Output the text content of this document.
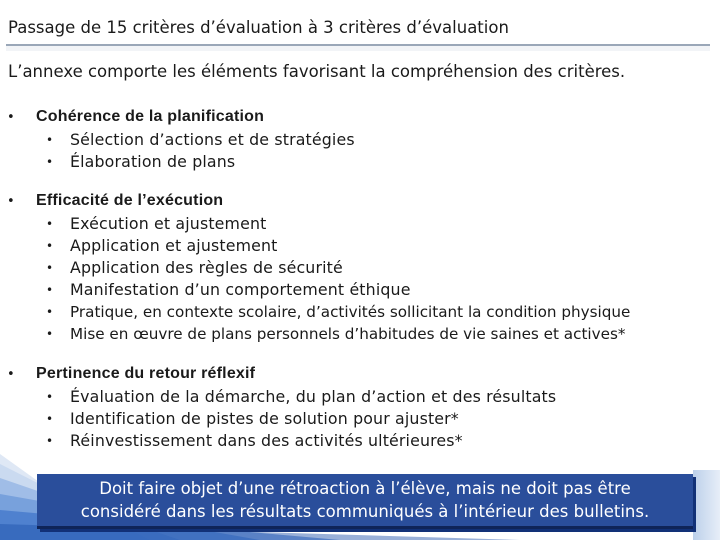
Passage de 15 critères d’évaluation à 3 critères d’évaluation
L’annexe comporte les éléments favorisant la compréhension des critères.
• Cohérence de la planification
• Sélection d’actions et de stratégies
• Élaboration de plans
• Efficacité de l’exécution
• Exécution et ajustement
• Application et ajustement
• Application des règles de sécurité
• Manifestation d’un comportement éthique
• Pratique, en contexte scolaire, d’activités sollicitant la condition physique
• Mise en œuvre de plans personnels d’habitudes de vie saines et actives*
• Pertinence du retour réflexif
• Évaluation de la démarche, du plan d’action et des résultats
• Identification de pistes de solution pour ajuster*
• Réinvestissement dans des activités ultérieures*
Doit faire objet d’une rétroaction à l’élève, mais ne doit pas être
considéré dans les résultats communiqués à l’intérieur des bulletins.
